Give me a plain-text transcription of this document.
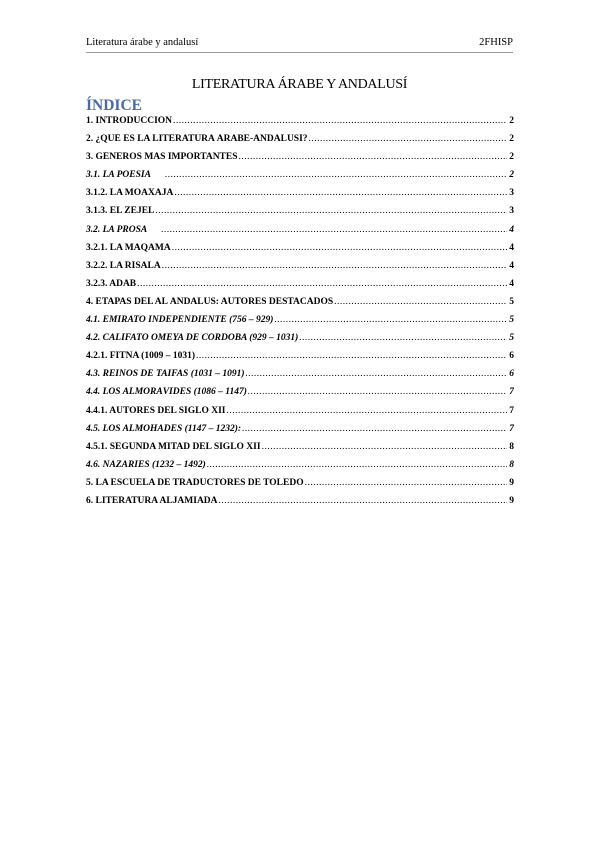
Literatura árabe y andalusí	2FHISP
LITERATURA ÁRABE Y ANDALUSÍ
ÍNDICE
1. INTRODUCCIÓN .....	2
2. ¿QUÉ ES LA LITERATURA ÁRABE-ANDALUSÍ? .....	2
3. GÉNEROS MÁS IMPORTANTES .....	2
3.1. LA POESÍA .....	2
3.1.2. LA MOAXAJA .....	3
3.1.3. EL ZÉJEL .....	3
3.2. LA PROSA .....	4
3.2.1. LA MAQAMA .....	4
3.2.2. LA RÍSALA .....	4
3.2.3. ADAB .....	4
4. ETAPAS DEL AL ÁNDALUS: AUTORES DESTACADOS .....	5
4.1. EMIRATO INDEPENDIENTE (756 – 929) .....	5
4.2. CALIFATO OMEYA DE CÓRDOBA (929 – 1031) .....	5
4.2.1. FITNA (1009 – 1031) .....	6
4.3. REINOS DE TAIFAS (1031 – 1091) .....	6
4.4. LOS ALMORÁVIDES (1086 – 1147) .....	7
4.4.1. AUTORES DEL SIGLO XII .....	7
4.5. LOS ALMOHADES (1147 – 1232): .....	7
4.5.1. SEGUNDA MITAD DEL SIGLO XII .....	8
4.6. NAZARÍES (1232 – 1492) .....	8
5. LA ESCUELA DE TRADUCTORES DE TOLEDO .....	9
6. LITERATURA ALJAMIADA .....	9
